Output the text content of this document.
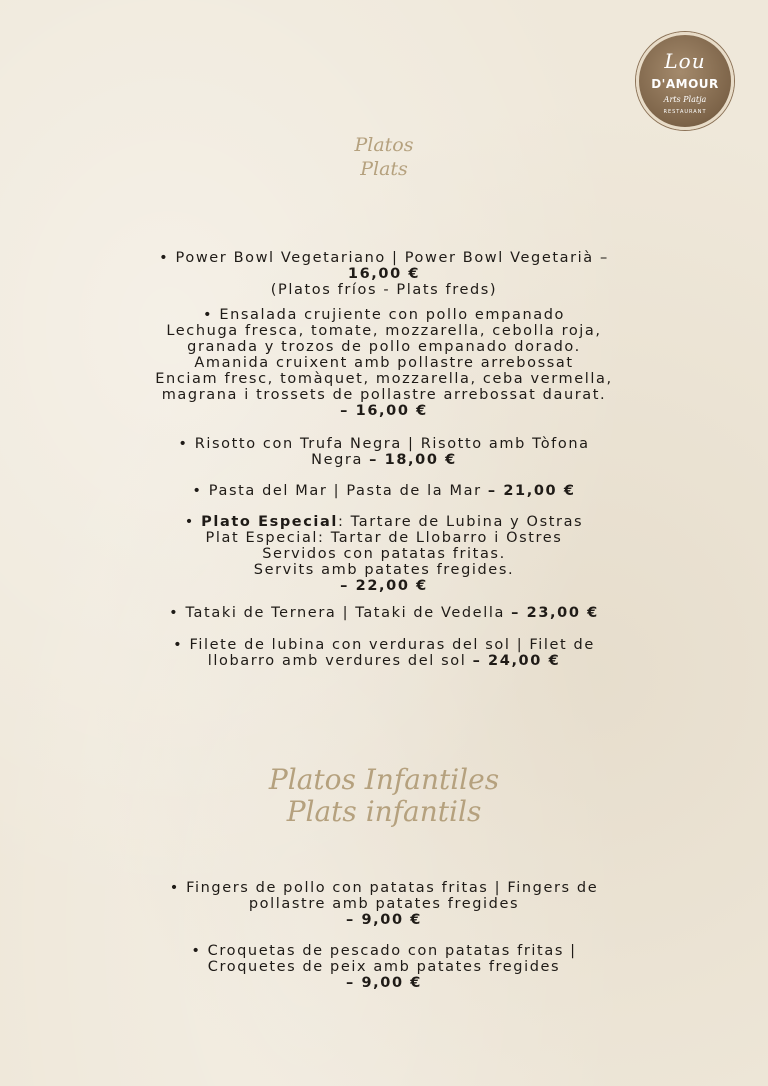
Lou
D'AMOUR
Arts Platja
RESTAURANT
Platos
Plats
• Power Bowl Vegetariano | Power Bowl Vegetarià –
16,00 €
(Platos fríos - Plats freds)
• Ensalada crujiente con pollo empanado
Lechuga fresca, tomate, mozzarella, cebolla roja,
granada y trozos de pollo empanado dorado.
Amanida cruixent amb pollastre arrebossat
Enciam fresc, tomàquet, mozzarella, ceba vermella,
magrana i trossets de pollastre arrebossat daurat.
– 16,00 €
• Risotto con Trufa Negra | Risotto amb Tòfona
Negra – 18,00 €
• Pasta del Mar | Pasta de la Mar – 21,00 €
• Plato Especial: Tartare de Lubina y Ostras
Plat Especial: Tartar de Llobarro i Ostres
Servidos con patatas fritas.
Servits amb patates fregides.
– 22,00 €
• Tataki de Ternera | Tataki de Vedella – 23,00 €
• Filete de lubina con verduras del sol | Filet de
llobarro amb verdures del sol – 24,00 €
Platos Infantiles
Plats infantils
• Fingers de pollo con patatas fritas | Fingers de
pollastre amb patates fregides
– 9,00 €
• Croquetas de pescado con patatas fritas |
Croquetes de peix amb patates fregides
– 9,00 €
